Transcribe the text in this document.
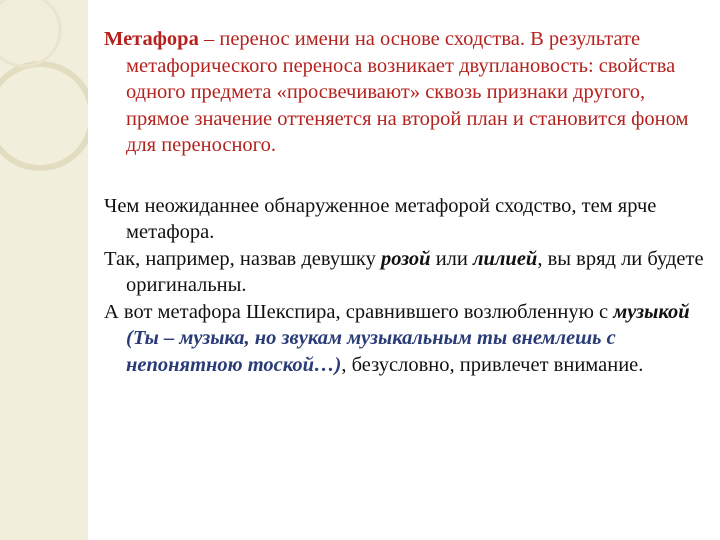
Метафора – перенос имени на основе сходства. В результате метафорического переноса возникает двуплановость: свойства одного предмета «просвечивают» сквозь признаки другого, прямое значение оттеняется на второй план и становится фоном для переносного.

Чем неожиданнее обнаруженное метафорой сходство, тем ярче метафора.

Так, например, назвав девушку розой или лилией, вы вряд ли будете оригинальны.

А вот метафора Шекспира, сравнившего возлюбленную с музыкой (Ты – музыка, но звукам музыкальным ты внемлешь с непонятною тоской…), безусловно, привлечет внимание.
